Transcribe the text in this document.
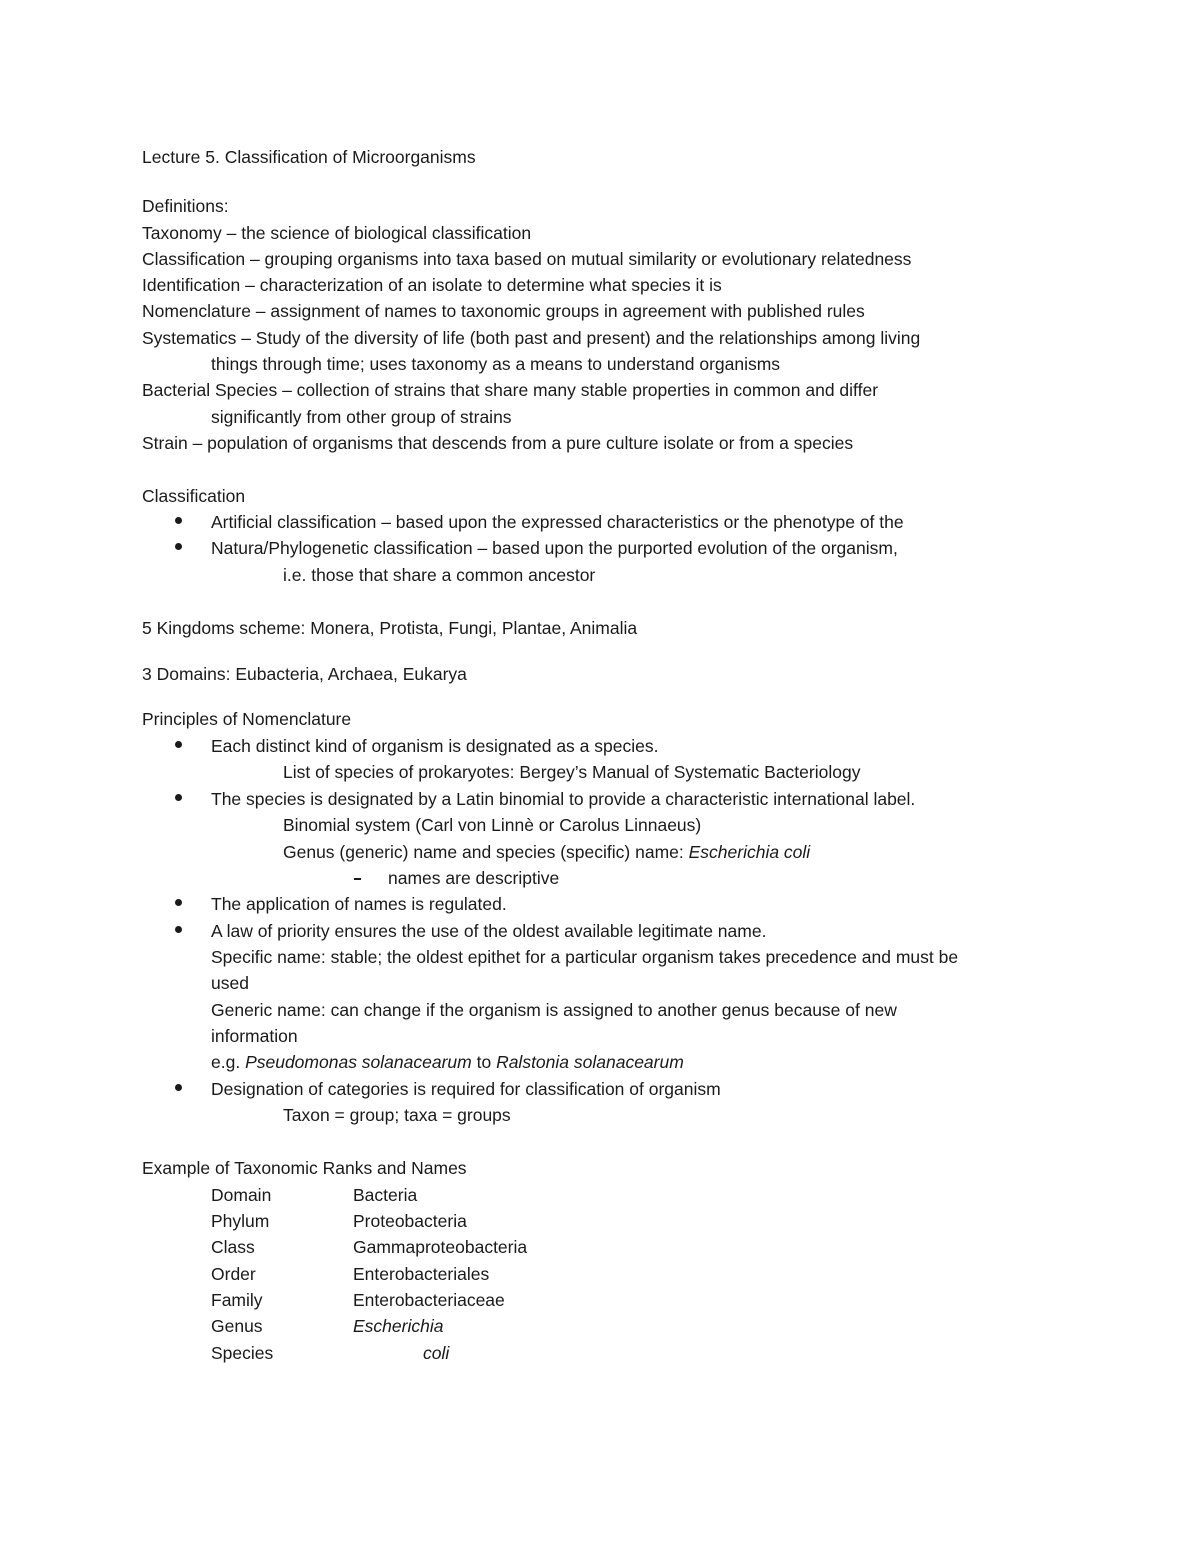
Lecture 5. Classification of Microorganisms
Definitions:
Taxonomy – the science of biological classification
Classification – grouping organisms into taxa based on mutual similarity or evolutionary relatedness
Identification – characterization of an isolate to determine what species it is
Nomenclature – assignment of names to taxonomic groups in agreement with published rules
Systematics – Study of the diversity of life (both past and present) and the relationships among living
things through time; uses taxonomy as a means to understand organisms
Bacterial Species – collection of strains that share many stable properties in common and differ
significantly from other group of strains
Strain – population of organisms that descends from a pure culture isolate or from a species
Classification
Artificial classification – based upon the expressed characteristics or the phenotype of the
Natura/Phylogenetic classification – based upon the purported evolution of the organism,
i.e. those that share a common ancestor
5 Kingdoms scheme: Monera, Protista, Fungi, Plantae, Animalia
3 Domains: Eubacteria, Archaea, Eukarya
Principles of Nomenclature
Each distinct kind of organism is designated as a species.
List of species of prokaryotes: Bergey’s Manual of Systematic Bacteriology
The species is designated by a Latin binomial to provide a characteristic international label.
Binomial system (Carl von Linnè or Carolus Linnaeus)
Genus (generic) name and species (specific) name: Escherichia coli
names are descriptive
The application of names is regulated.
A law of priority ensures the use of the oldest available legitimate name.
Specific name: stable; the oldest epithet for a particular organism takes precedence and must be
used
Generic name: can change if the organism is assigned to another genus because of new
information
e.g. Pseudomonas solanacearum to Ralstonia solanacearum
Designation of categories is required for classification of organism
Taxon = group; taxa = groups
Example of Taxonomic Ranks and Names
Domain	Bacteria
Phylum	Proteobacteria
Class	Gammaproteobacteria
Order	Enterobacteriales
Family	Enterobacteriaceae
Genus	Escherichia
Species	coli
